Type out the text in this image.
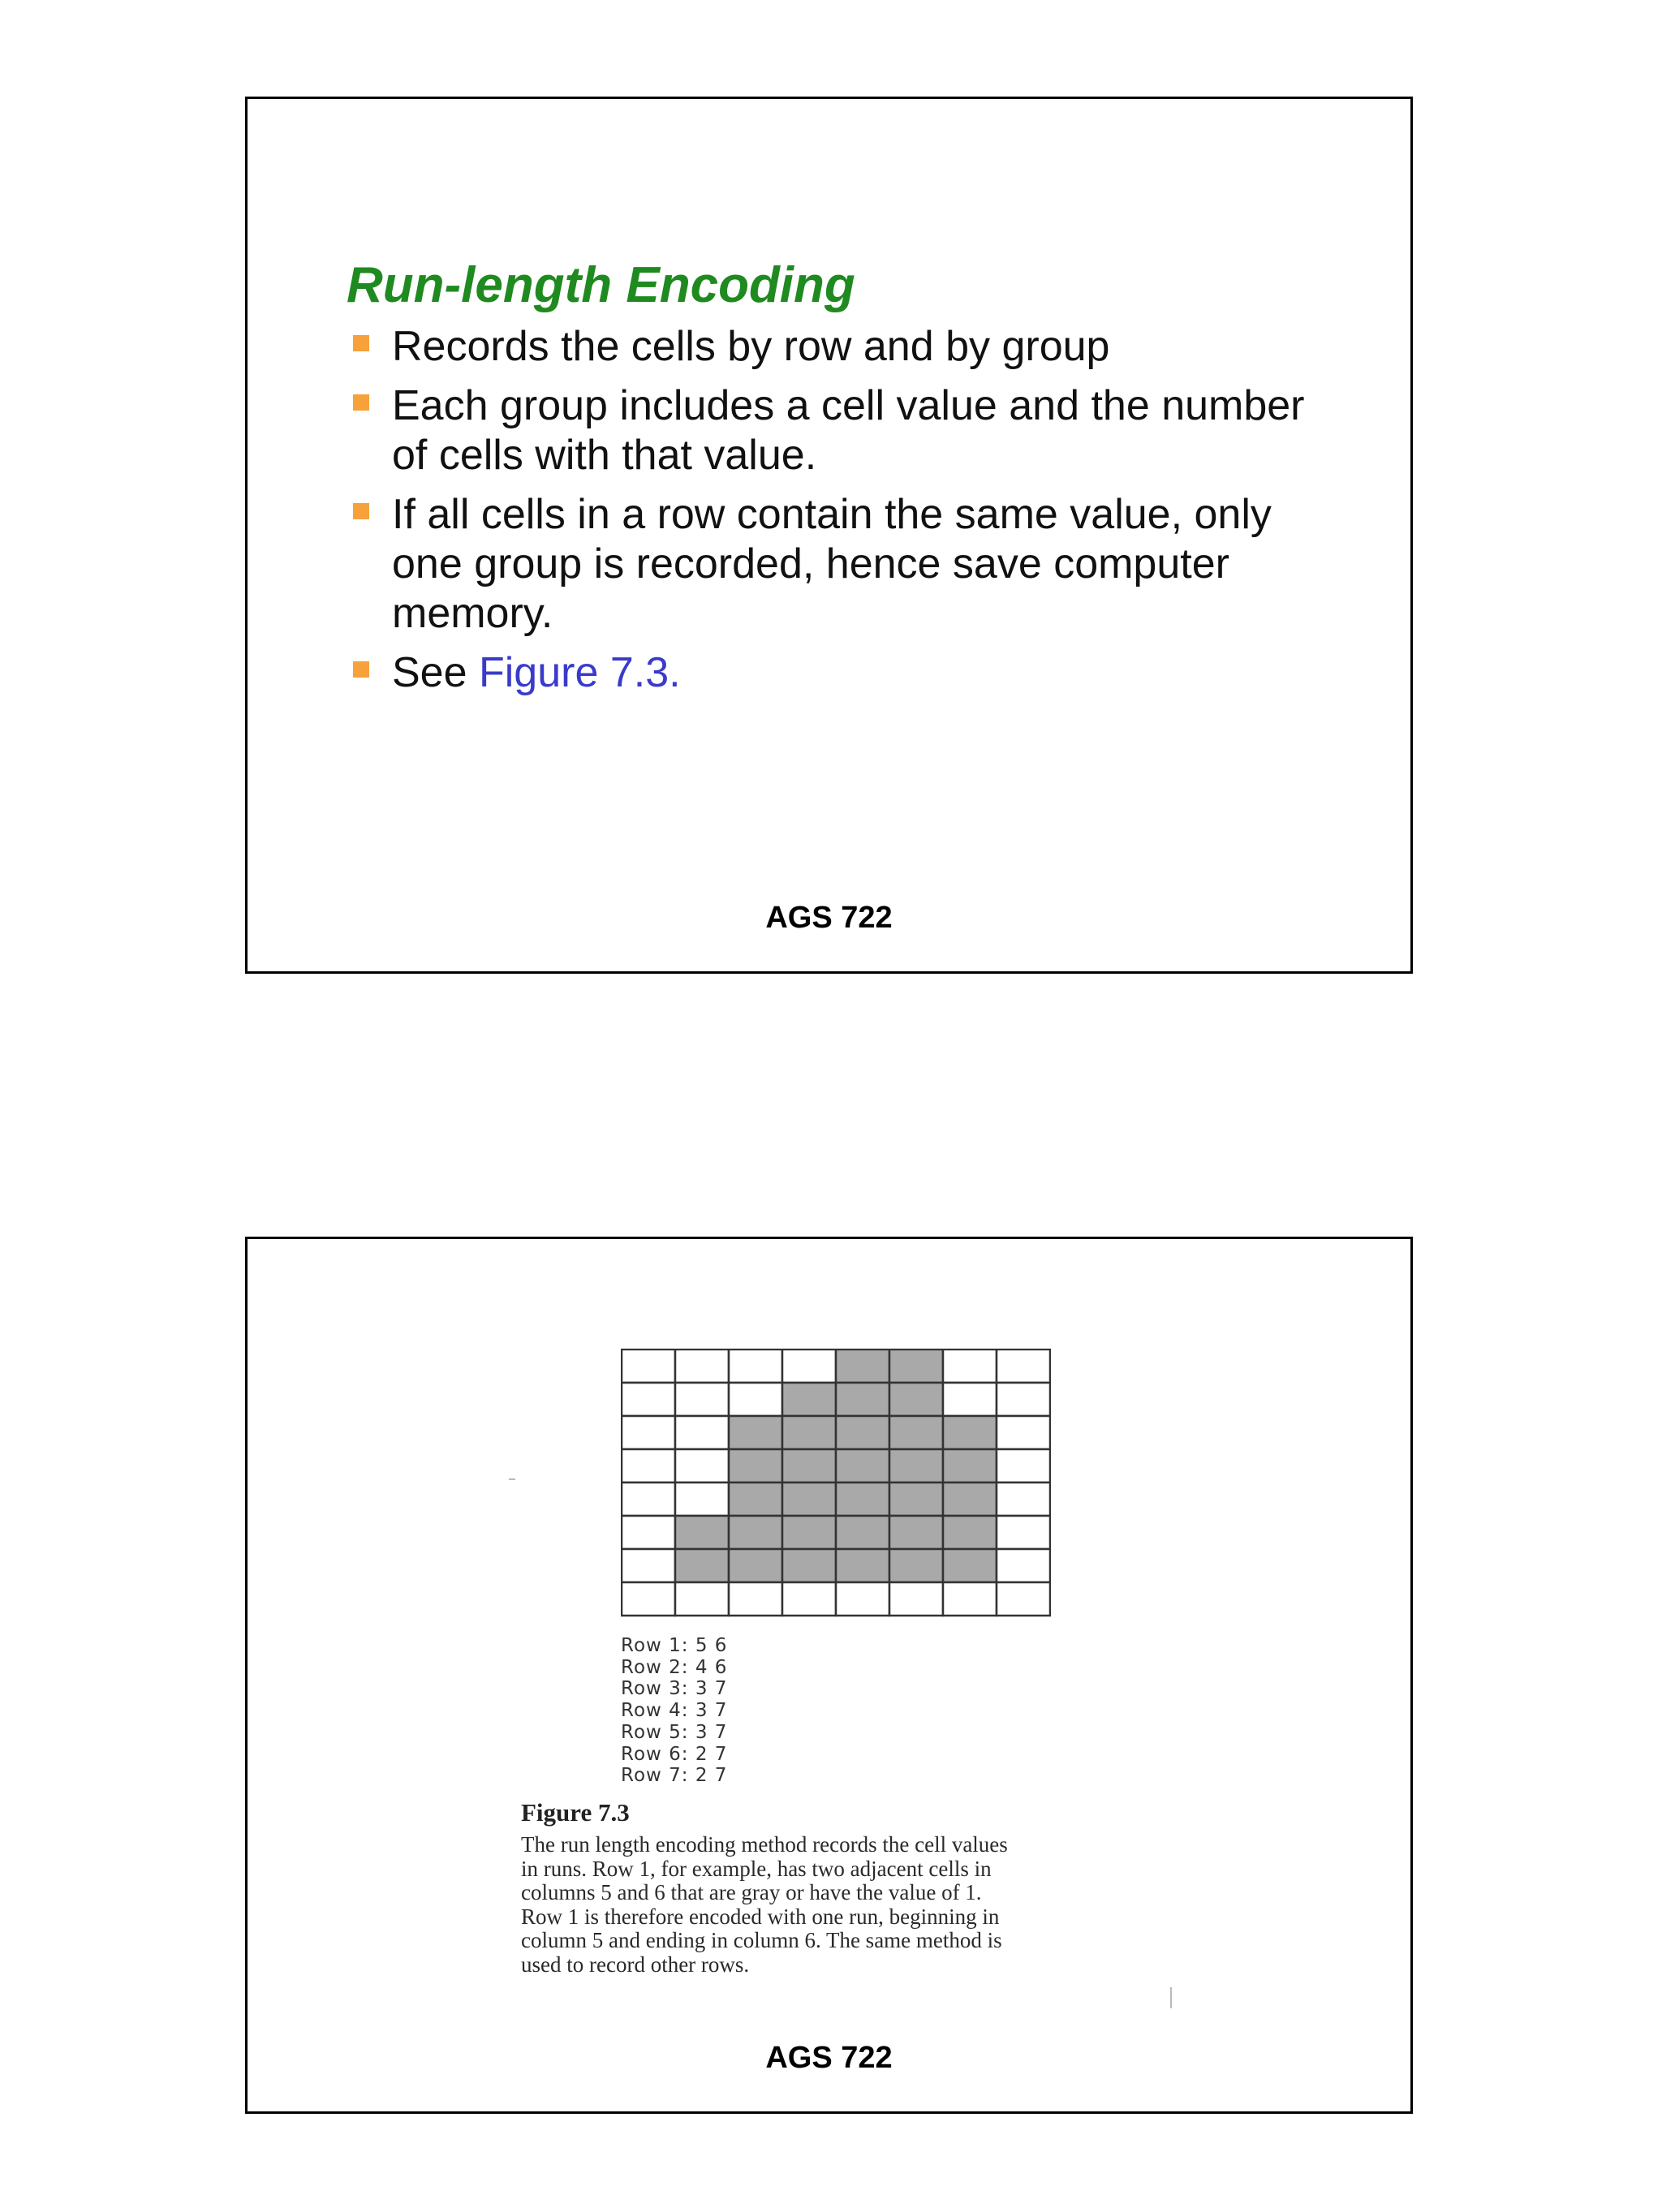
Run-length Encoding
Records the cells by row and by group
Each group includes a cell value and the number of cells with that value.
If all cells in a row contain the same value, only one group is recorded, hence save computer memory.
See Figure 7.3.
AGS 722
Row 1: 5 6
Row 2: 4 6
Row 3: 3 7
Row 4: 3 7
Row 5: 3 7
Row 6: 2 7
Row 7: 2 7
Figure 7.3

The run length encoding method records the cell values
in runs. Row 1, for example, has two adjacent cells in
columns 5 and 6 that are gray or have the value of 1.
Row 1 is therefore encoded with one run, beginning in
column 5 and ending in column 6. The same method is
used to record other rows.

AGS 722
